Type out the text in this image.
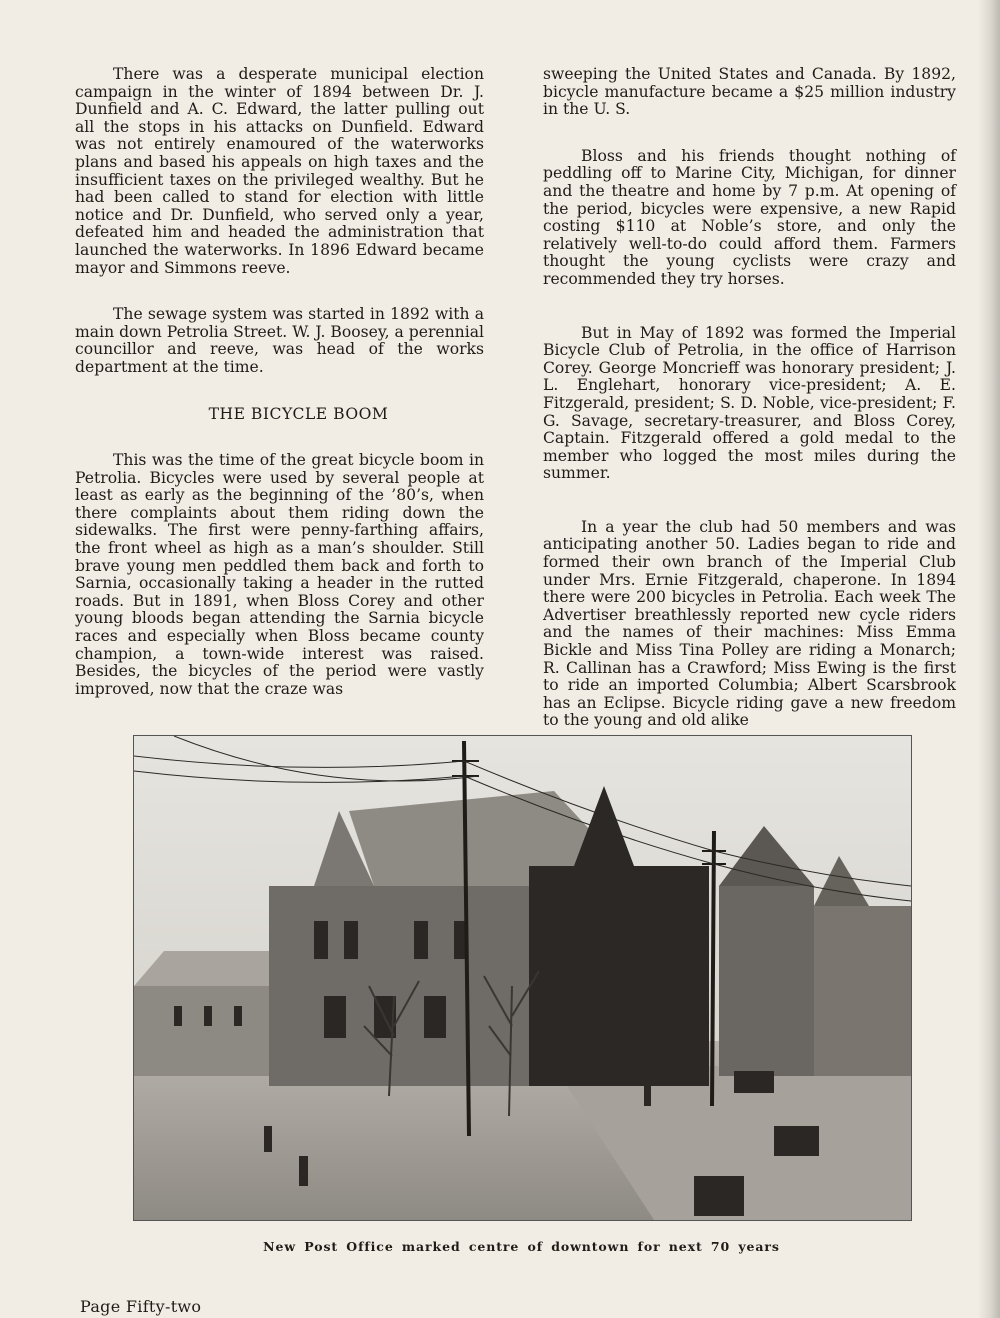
There was a desperate municipal election campaign in the winter of 1894 between Dr. J. Dunfield and A. C. Edward, the latter pulling out all the stops in his attacks on Dunfield. Edward was not entirely enamoured of the waterworks plans and based his appeals on high taxes and the insufficient taxes on the privileged wealthy. But he had been called to stand for election with little notice and Dr. Dunfield, who served only a year, defeated him and headed the administration that launched the waterworks. In 1896 Edward became mayor and Simmons reeve.

The sewage system was started in 1892 with a main down Petrolia Street. W. J. Boosey, a perennial councillor and reeve, was head of the works department at the time.

THE BICYCLE BOOM

This was the time of the great bicycle boom in Petrolia. Bicycles were used by several people at least as early as the beginning of the ’80’s, when there complaints about them riding down the sidewalks. The first were penny-farthing affairs, the front wheel as high as a man’s shoulder. Still brave young men peddled them back and forth to Sarnia, occasionally taking a header in the rutted roads. But in 1891, when Bloss Corey and other young bloods began attending the Sarnia bicycle races and especially when Bloss became county champion, a town-wide interest was raised. Besides, the bicycles of the period were vastly improved, now that the craze was

sweeping the United States and Canada. By 1892, bicycle manufacture became a $25 million industry in the U. S.

Bloss and his friends thought nothing of peddling off to Marine City, Michigan, for dinner and the theatre and home by 7 p.m. At opening of the period, bicycles were expensive, a new Rapid costing $110 at Noble’s store, and only the relatively well-to-do could afford them. Farmers thought the young cyclists were crazy and recommended they try horses.

But in May of 1892 was formed the Imperial Bicycle Club of Petrolia, in the office of Harrison Corey. George Moncrieff was honorary president; J. L. Englehart, honorary vice-president; A. E. Fitzgerald, president; S. D. Noble, vice-president; F. G. Savage, secretary-treasurer, and Bloss Corey, Captain. Fitzgerald offered a gold medal to the member who logged the most miles during the summer.

In a year the club had 50 members and was anticipating another 50. Ladies began to ride and formed their own branch of the Imperial Club under Mrs. Ernie Fitzgerald, chaperone. In 1894 there were 200 bicycles in Petrolia. Each week The Advertiser breathlessly reported new cycle riders and the names of their machines: Miss Emma Bickle and Miss Tina Polley are riding a Monarch; R. Callinan has a Crawford; Miss Ewing is the first to ride an imported Columbia; Albert Scarsbrook has an Eclipse. Bicycle riding gave a new freedom to the young and old alike

New Post Office marked centre of downtown for next 70 years
Page Fifty-two
